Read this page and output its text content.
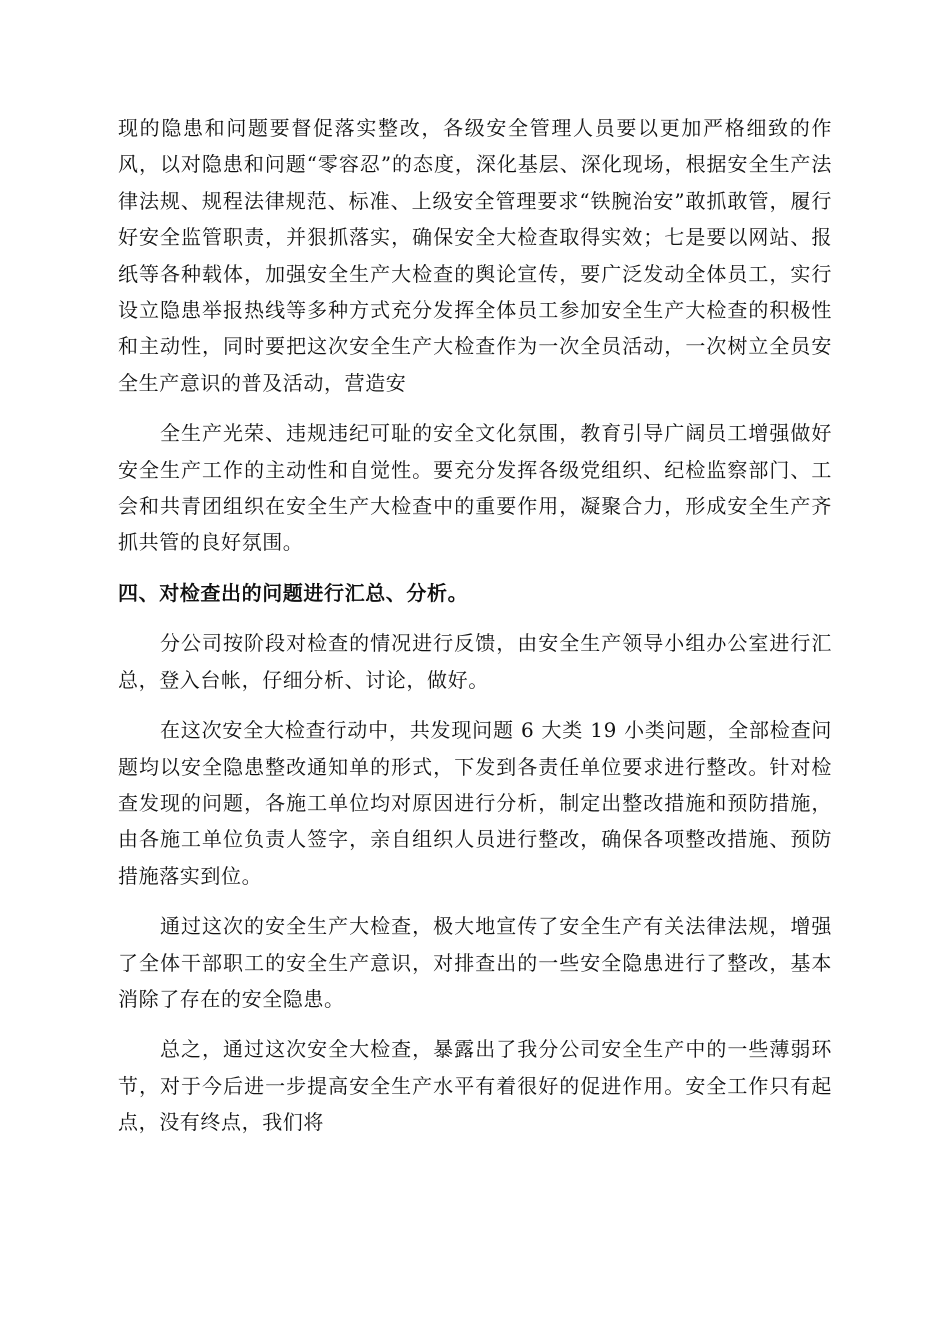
现的隐患和问题要督促落实整改，各级安全管理人员要以更加严格细致的作风，以对隐患和问题“零容忍”的态度，深化基层、深化现场，根据安全生产法律法规、规程法律规范、标准、上级安全管理要求“铁腕治安”敢抓敢管，履行好安全监管职责，并狠抓落实，确保安全大检查取得实效；七是要以网站、报纸等各种载体，加强安全生产大检查的舆论宣传，要广泛发动全体员工，实行设立隐患举报热线等多种方式充分发挥全体员工参加安全生产大检查的积极性和主动性，同时要把这次安全生产大检查作为一次全员活动，一次树立全员安全生产意识的普及活动，营造安

全生产光荣、违规违纪可耻的安全文化氛围，教育引导广阔员工增强做好安全生产工作的主动性和自觉性。要充分发挥各级党组织、纪检监察部门、工会和共青团组织在安全生产大检查中的重要作用，凝聚合力，形成安全生产齐抓共管的良好氛围。

四、对检查出的问题进行汇总、分析。

分公司按阶段对检查的情况进行反馈，由安全生产领导小组办公室进行汇总，登入台帐，仔细分析、讨论，做好。

在这次安全大检查行动中，共发现问题 6 大类 19 小类问题，全部检查问题均以安全隐患整改通知单的形式，下发到各责任单位要求进行整改。针对检查发现的问题，各施工单位均对原因进行分析，制定出整改措施和预防措施，由各施工单位负责人签字，亲自组织人员进行整改，确保各项整改措施、预防措施落实到位。

通过这次的安全生产大检查，极大地宣传了安全生产有关法律法规，增强了全体干部职工的安全生产意识，对排查出的一些安全隐患进行了整改，基本消除了存在的安全隐患。

总之，通过这次安全大检查，暴露出了我分公司安全生产中的一些薄弱环节，对于今后进一步提高安全生产水平有着很好的促进作用。安全工作只有起点，没有终点，我们将
